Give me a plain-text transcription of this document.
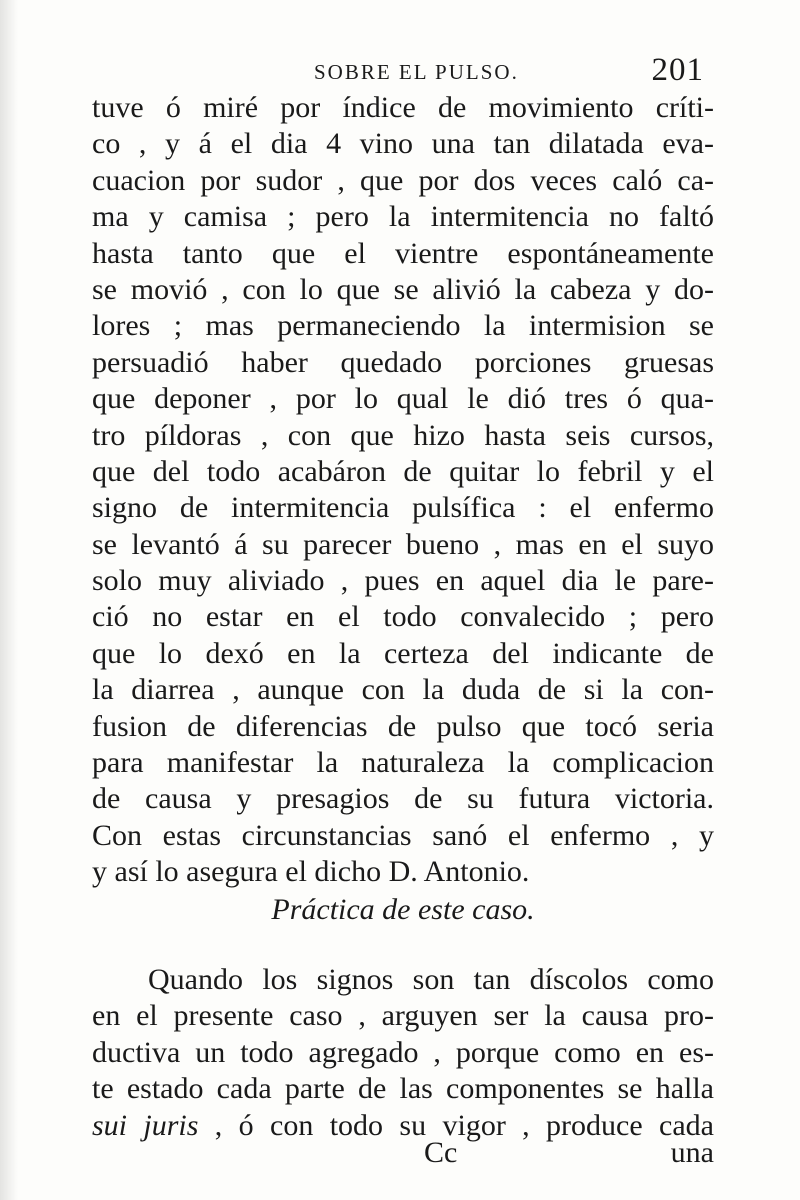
SOBRE EL PULSO.	201
tuve ó miré por índice de movimiento críti-
co , y á el dia 4 vino una tan dilatada eva-
cuacion por sudor , que por dos veces caló ca-
ma y camisa ; pero la intermitencia no faltó
hasta tanto que el vientre espontáneamente
se movió , con lo que se alivió la cabeza y do-
lores ; mas permaneciendo la intermision se
persuadió haber quedado porciones gruesas
que deponer , por lo qual le dió tres ó qua-
tro píldoras , con que hizo hasta seis cursos,
que del todo acabáron de quitar lo febril y el
signo de intermitencia pulsífica : el enfermo
se levantó á su parecer bueno , mas en el suyo
solo muy aliviado , pues en aquel dia le pare-
ció no estar en el todo convalecido ; pero
que lo dexó en la certeza del indicante de
la diarrea , aunque con la duda de si la con-
fusion de diferencias de pulso que tocó seria
para manifestar la naturaleza la complicacion
de causa y presagios de su futura victoria.
Con estas circunstancias sanó el enfermo , y
y así lo asegura el dicho D. Antonio.
Práctica de este caso.
Quando los signos son tan díscolos como
en el presente caso , arguyen ser la causa pro-
ductiva un todo agregado , porque como en es-
te estado cada parte de las componentes se halla
sui juris , ó con todo su vigor , produce cada
Cc	una
